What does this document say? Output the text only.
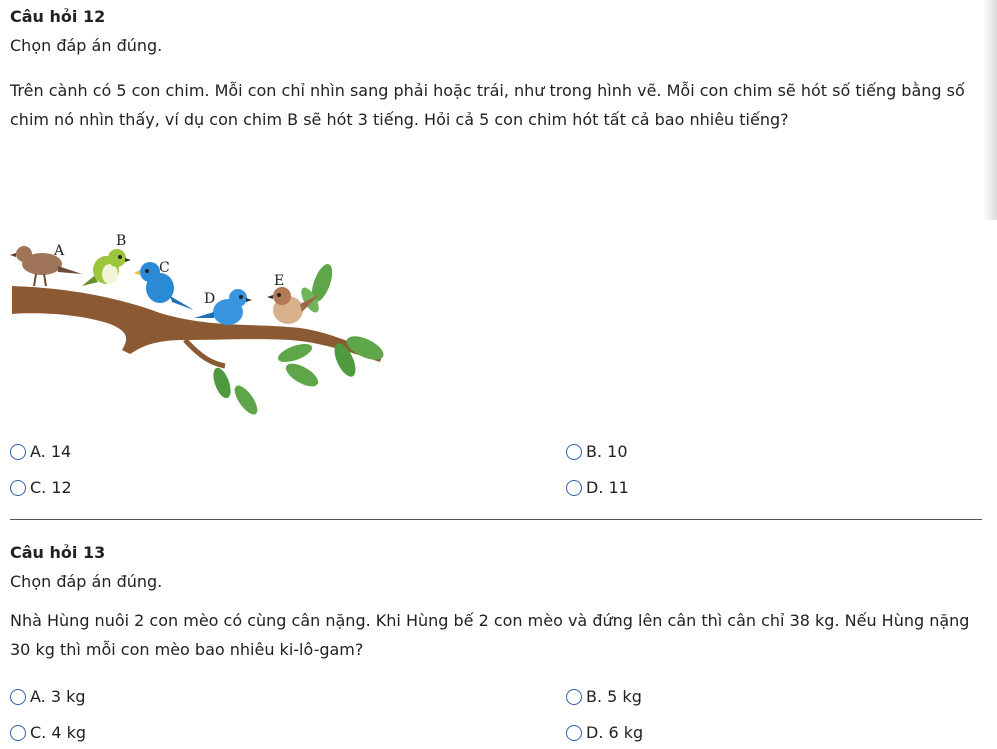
Câu hỏi 12
Chọn đáp án đúng.
Trên cành có 5 con chim. Mỗi con chỉ nhìn sang phải hoặc trái, như trong hình vẽ. Mỗi con chim sẽ hót số tiếng bằng số chim nó nhìn thấy, ví dụ con chim B sẽ hót 3 tiếng. Hỏi cả 5 con chim hót tất cả bao nhiêu tiếng?
A
B
C
D
E
A.
14	B.
10
C.
12	D.
11
Câu hỏi 13
Chọn đáp án đúng.
Nhà Hùng nuôi 2 con mèo có cùng cân nặng. Khi Hùng bế 2 con mèo và đứng lên cân thì cân chỉ 38 kg. Nếu Hùng nặng 30 kg thì mỗi con mèo bao nhiêu ki-lô-gam?
A.
3 kg	B.
5 kg
C.
4 kg	D.
6 kg
